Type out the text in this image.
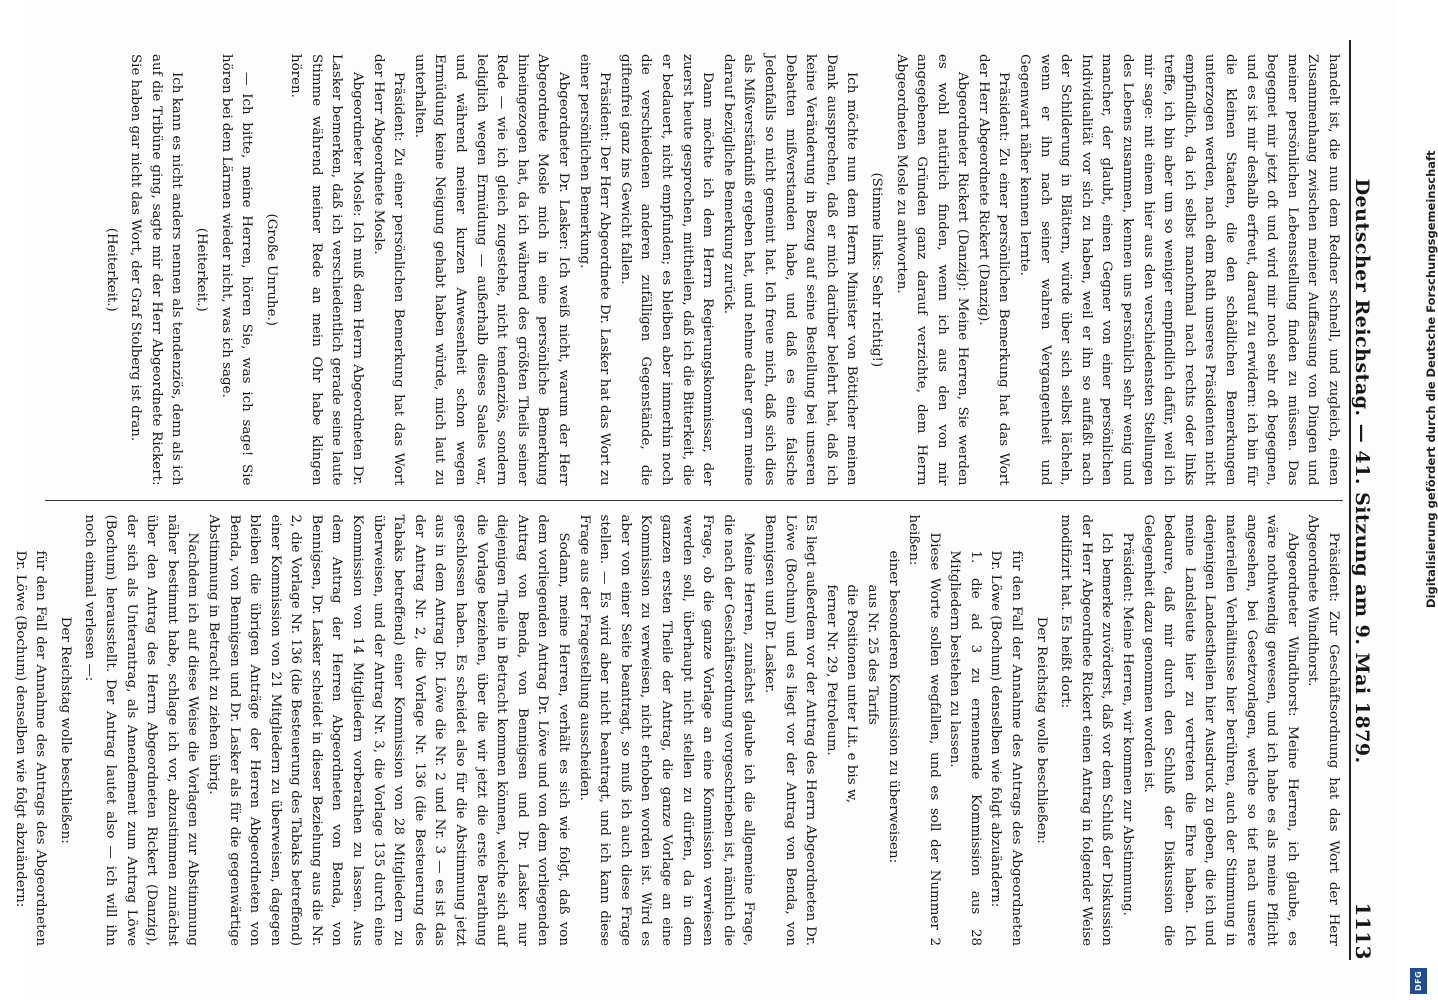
Deutscher Reichstag. — 41. Sitzung am 9. Mai 1879.
1113

handelt ist, die nun dem Redner schnell, und zugleich, einen Zusammenhang zwischen meiner Auffassung von Dingen und meiner persönlichen Lebensstellung finden zu müssen. Das begegnet mir jetzt oft und wird mir noch sehr oft begegnen, und es ist mir deshalb erfreut, darauf zu erwidern: ich bin für die kleinen Staaten, die den schädlichen Bemerkungen unterzogen werden, nach dem Rath unseres Präsidenten nicht empfindlich, da ich selbst manchmal nach rechts oder links treffe, ich bin aber um so weniger empfindlich dafür, weil ich mir sage: mit einem hier aus den verschiedensten Stellungen des Lebens zusammen, kennen uns persönlich sehr wenig und mancher, der glaubt, einen Gegner von einer persönlichen Individualität vor sich zu haben, weil er ihn so auffaßt nach der Schilderung in Blättern, würde über sich selbst lächeln, wenn er ihn nach seiner wahren Vergangenheit und Gegenwart näher kennen lernte.

Präsident: Zu einer persönlichen Bemerkung hat das Wort der Herr Abgeordnete Rickert (Danzig).

Abgeordneter Rickert (Danzig): Meine Herren, Sie werden es wohl natürlich finden, wenn ich aus den von mir angegebenen Gründen ganz darauf verzichte, dem Herrn Abgeordneten Mosle zu antworten.

(Stimme links: Sehr richtig!)

Ich möchte nun dem Herrn Minister von Bötticher meinen Dank aussprechen, daß er mich darüber belehrt hat, daß ich keine Veränderung in Bezug auf seine Bestellung bei unseren Debatten mißverstanden habe, und daß es eine falsche Jedenfalls so nicht gemeint hat. Ich freue mich, daß sich dies als Mißverständniß ergeben hat, und nehme daher gern meine darauf bezügliche Bemerkung zurück.

Dann möchte ich dem Herrn Regierungskommissar, der zuerst heute gesprochen, mittheilen, daß ich die Bitterkeit, die er bedauert, nicht empfunden; es bleiben aber immerhin noch die verschiedenen anderen zufälligen Gegenstände, die giftenfrei ganz ins Gewicht fallen.

Präsident: Der Herr Abgeordnete Dr. Lasker hat das Wort zu einer persönlichen Bemerkung.

Abgeordneter Dr. Lasker: Ich weiß nicht, warum der Herr Abgeordnete Mosle mich in eine persönliche Bemerkung hineingezogen hat, da ich während des größten Theils seiner Rede — wie ich gleich zugestehe, nicht tendenziös, sondern lediglich wegen Ermüdung — außerhalb dieses Saales war, und während meiner kurzen Anwesenheit schon wegen Ermüdung keine Neigung gehabt haben würde, mich laut zu unterhalten.

Präsident: Zu einer persönlichen Bemerkung hat das Wort der Herr Abgeordnete Mosle.

Abgeordneter Mosle: Ich muß dem Herrn Abgeordneten Dr. Lasker bemerken, daß ich verschiedentlich gerade seine laute Stimme während meiner Rede an mein Ohr habe klingen hören.

(Große Unruhe.)

— Ich bitte, meine Herren, hören Sie, was ich sage! Sie hören bei dem Lärmen wieder nicht, was ich sage.

(Heiterkeit.)

Ich kann es nicht anders nennen als tendenziös, denn als ich auf die Tribüne ging, sagte mir der Herr Abgeordnete Rickert: Sie haben gar nicht das Wort, der Graf Stolberg ist dran.

(Heiterkeit.)

Präsident: Zur Geschäftsordnung hat das Wort der Herr Abgeordnete Windthorst.

Abgeordneter Windthorst: Meine Herren, ich glaube, es wäre nothwendig gewesen, und ich habe es als meine Pflicht angesehen, bei Gesetzvorlagen, welche so tief nach unsere materiellen Verhältnisse hier berühren, auch der Stimmung in denjenigen Landestheilen hier Ausdruck zu geben, die ich und meine Landsleute hier zu vertreten die Ehre haben. Ich bedaure, daß mir durch den Schluß der Diskussion die Gelegenheit dazu genommen worden ist.

Präsident: Meine Herren, wir kommen zur Abstimmung.

Ich bemerke zuvörderst, daß vor dem Schluß der Diskussion der Herr Abgeordnete Rickert einen Antrag in folgender Weise modifizirt hat. Es heißt dort:

Der Reichstag wolle beschließen:

für den Fall der Annahme des Antrags des Abgeordneten Dr. Löwe (Bochum) denselben wie folgt abzuändern:

1. die ad 3 zu ernennende Kommission aus 28 Mitgliedern bestehen zu lassen.

Diese Worte sollen wegfallen, und es soll der Nummer 2 heißen:

einer besonderen Kommission zu überweisen:

aus Nr. 25 des Tarifs

die Positionen unter Lit. e bis w,

ferner Nr. 29, Petroleum.

Es liegt außerdem vor der Antrag des Herrn Abgeordneten Dr. Löwe (Bochum) und es liegt vor der Antrag von Benda, von Bennigsen und Dr. Lasker.

Meine Herren, zunächst glaube ich die allgemeine Frage, die nach der Geschäftsordnung vorgeschrieben ist, nämlich die Frage, ob die ganze Vorlage an eine Kommission verwiesen werden soll, überhaupt nicht stellen zu dürfen, da in dem ganzen ersten Theile der Antrag, die ganze Vorlage an eine Kommission zu verweisen, nicht erhoben worden ist. Wird es aber von einer Seite beantragt, so muß ich auch diese Frage stellen. — Es wird aber nicht beantragt, und ich kann diese Frage aus der Fragestellung ausscheiden.

Sodann, meine Herren, verhält es sich wie folgt, daß von dem vorliegenden Antrag Dr. Löwe und von dem vorliegenden Antrag von Benda, von Bennigsen und Dr. Lasker nur diejenigen Theile in Betracht kommen können, welche sich auf die Vorlage beziehen, über die wir jetzt die erste Berathung geschlossen haben. Es scheidet also für die Abstimmung jetzt aus in dem Antrag Dr. Löwe die Nr. 2 und Nr. 3 — es ist das der Antrag Nr. 2, die Vorlage Nr. 136 (die Besteuerung des Tabaks betreffend) einer Kommission von 28 Mitgliedern zu überweisen, und der Antrag Nr. 3, die Vorlage 135 durch eine Kommission von 14 Mitgliedern vorberathen zu lassen. Aus dem Antrag der Herren Abgeordneten von Benda, von Bennigsen, Dr. Lasker scheidet in dieser Beziehung aus die Nr. 2, die Vorlage Nr. 136 (die Besteuerung des Tabaks betreffend) einer Kommission von 21 Mitgliedern zu überweisen, dagegen bleiben die übrigen Anträge der Herren Abgeordneten von Benda, von Bennigsen und Dr. Lasker als für die gegenwärtige Abstimmung in Betracht zu ziehen übrig.

Nachdem ich auf diese Weise die Vorlagen zur Abstimmung näher bestimmt habe, schlage ich vor, abzustimmen zunächst über den Antrag des Herrn Abgeordneten Rickert (Danzig), der sich als Unterantrag, als Amendement zum Antrag Löwe (Bochum) herausstellt. Der Antrag lautet also — ich will ihn noch einmal verlesen —:

Der Reichstag wolle beschließen:

für den Fall der Annahme des Antrags des Abgeordneten Dr. Löwe (Bochum) denselben wie folgt abzuändern:

Digitalisierung gefördert durch die Deutsche Forschungsgemeinschaft
DFG
